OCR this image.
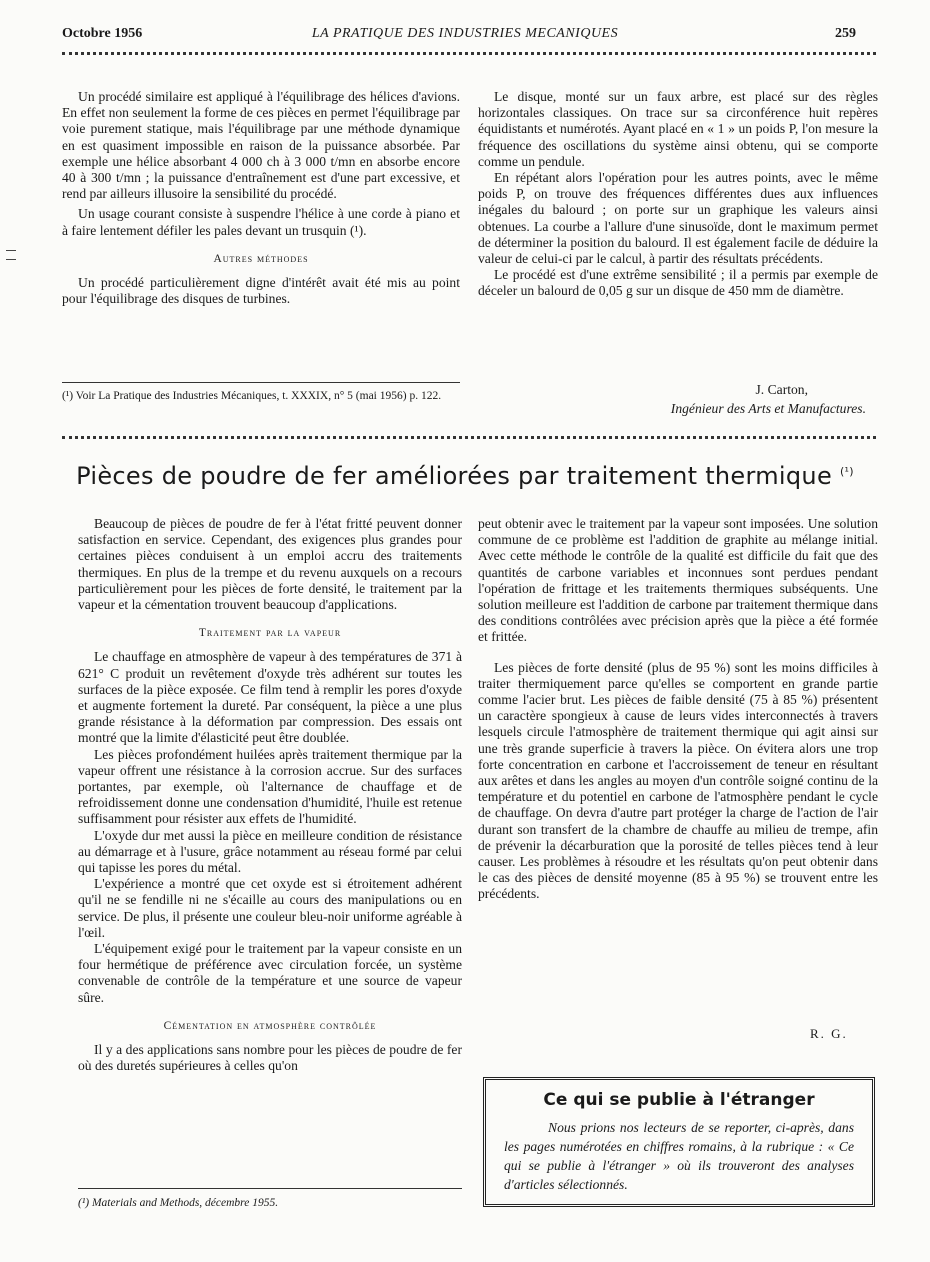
Octobre 1956	LA PRATIQUE DES INDUSTRIES MECANIQUES	259

Un procédé similaire est appliqué à l'équilibrage des hélices d'avions. En effet non seulement la forme de ces pièces en permet l'équilibrage par voie purement statique, mais l'équilibrage par une méthode dynamique en est quasiment impossible en raison de la puissance absorbée. Par exemple une hélice absorbant 4 000 ch à 3 000 t/mn en absorbe encore 40 à 300 t/mn ; la puissance d'entraînement est d'une part excessive, et rend par ailleurs illusoire la sensibilité du procédé.

Un usage courant consiste à suspendre l'hélice à une corde à piano et à faire lentement défiler les pales devant un trusquin (¹).

Autres méthodes

Un procédé particulièrement digne d'intérêt avait été mis au point pour l'équilibrage des disques de turbines.

(¹) Voir La Pratique des Industries Mécaniques, t. XXXIX, n° 5 (mai 1956) p. 122.

Le disque, monté sur un faux arbre, est placé sur des règles horizontales classiques. On trace sur sa circonférence huit repères équidistants et numérotés. Ayant placé en « 1 » un poids P, l'on mesure la fréquence des oscillations du système ainsi obtenu, qui se comporte comme un pendule.

En répétant alors l'opération pour les autres points, avec le même poids P, on trouve des fréquences différentes dues aux influences inégales du balourd ; on porte sur un graphique les valeurs ainsi obtenues. La courbe a l'allure d'une sinusoïde, dont le maximum permet de déterminer la position du balourd. Il est également facile de déduire la valeur de celui-ci par le calcul, à partir des résultats précédents.

Le procédé est d'une extrême sensibilité ; il a permis par exemple de déceler un balourd de 0,05 g sur un disque de 450 mm de diamètre.

J. Carton,
Ingénieur des Arts et Manufactures.
Pièces de poudre de fer améliorées par traitement thermique $^{(^1)}$

Beaucoup de pièces de poudre de fer à l'état fritté peuvent donner satisfaction en service. Cependant, des exigences plus grandes pour certaines pièces conduisent à un emploi accru des traitements thermiques. En plus de la trempe et du revenu auxquels on a recours particulièrement pour les pièces de forte densité, le traitement par la vapeur et la cémentation trouvent beaucoup d'applications.

Traitement par la vapeur

Le chauffage en atmosphère de vapeur à des températures de 371 à 621° C produit un revêtement d'oxyde très adhérent sur toutes les surfaces de la pièce exposée. Ce film tend à remplir les pores d'oxyde et augmente fortement la dureté. Par conséquent, la pièce a une plus grande résistance à la déformation par compression. Des essais ont montré que la limite d'élasticité peut être doublée.

Les pièces profondément huilées après traitement thermique par la vapeur offrent une résistance à la corrosion accrue. Sur des surfaces portantes, par exemple, où l'alternance de chauffage et de refroidissement donne une condensation d'humidité, l'huile est retenue suffisamment pour résister aux effets de l'humidité.

L'oxyde dur met aussi la pièce en meilleure condition de résistance au démarrage et à l'usure, grâce notamment au réseau formé par celui qui tapisse les pores du métal.

L'expérience a montré que cet oxyde est si étroitement adhérent qu'il ne se fendille ni ne s'écaille au cours des manipulations ou en service. De plus, il présente une couleur bleu-noir uniforme agréable à l'œil.

L'équipement exigé pour le traitement par la vapeur consiste en un four hermétique de préférence avec circulation forcée, un système convenable de contrôle de la température et une source de vapeur sûre.

Cémentation en atmosphère contrôlée

Il y a des applications sans nombre pour les pièces de poudre de fer où des duretés supérieures à celles qu'on

(¹) Materials and Methods, décembre 1955.

peut obtenir avec le traitement par la vapeur sont imposées. Une solution commune de ce problème est l'addition de graphite au mélange initial. Avec cette méthode le contrôle de la qualité est difficile du fait que des quantités de carbone variables et inconnues sont perdues pendant l'opération de frittage et les traitements thermiques subséquents. Une solution meilleure est l'addition de carbone par traitement thermique dans des conditions contrôlées avec précision après que la pièce a été formée et frittée.

Les pièces de forte densité (plus de 95 %) sont les moins difficiles à traiter thermiquement parce qu'elles se comportent en grande partie comme l'acier brut. Les pièces de faible densité (75 à 85 %) présentent un caractère spongieux à cause de leurs vides interconnectés à travers lesquels circule l'atmosphère de traitement thermique qui agit ainsi sur une très grande superficie à travers la pièce. On évitera alors une trop forte concentration en carbone et l'accroissement de teneur en résultant aux arêtes et dans les angles au moyen d'un contrôle soigné continu de la température et du potentiel en carbone de l'atmosphère pendant le cycle de chauffage. On devra d'autre part protéger la charge de l'action de l'air durant son transfert de la chambre de chauffe au milieu de trempe, afin de prévenir la décarburation que la porosité de telles pièces tend à leur causer. Les problèmes à résoudre et les résultats qu'on peut obtenir dans le cas des pièces de densité moyenne (85 à 95 %) se trouvent entre les précédents.

R. G.
Ce qui se publie à l'étranger
Nous prions nos lecteurs de se reporter, ci-après, dans les pages numérotées en chiffres romains, à la rubrique : « Ce qui se publie à l'étranger » où ils trouveront des analyses d'articles sélectionnés.
